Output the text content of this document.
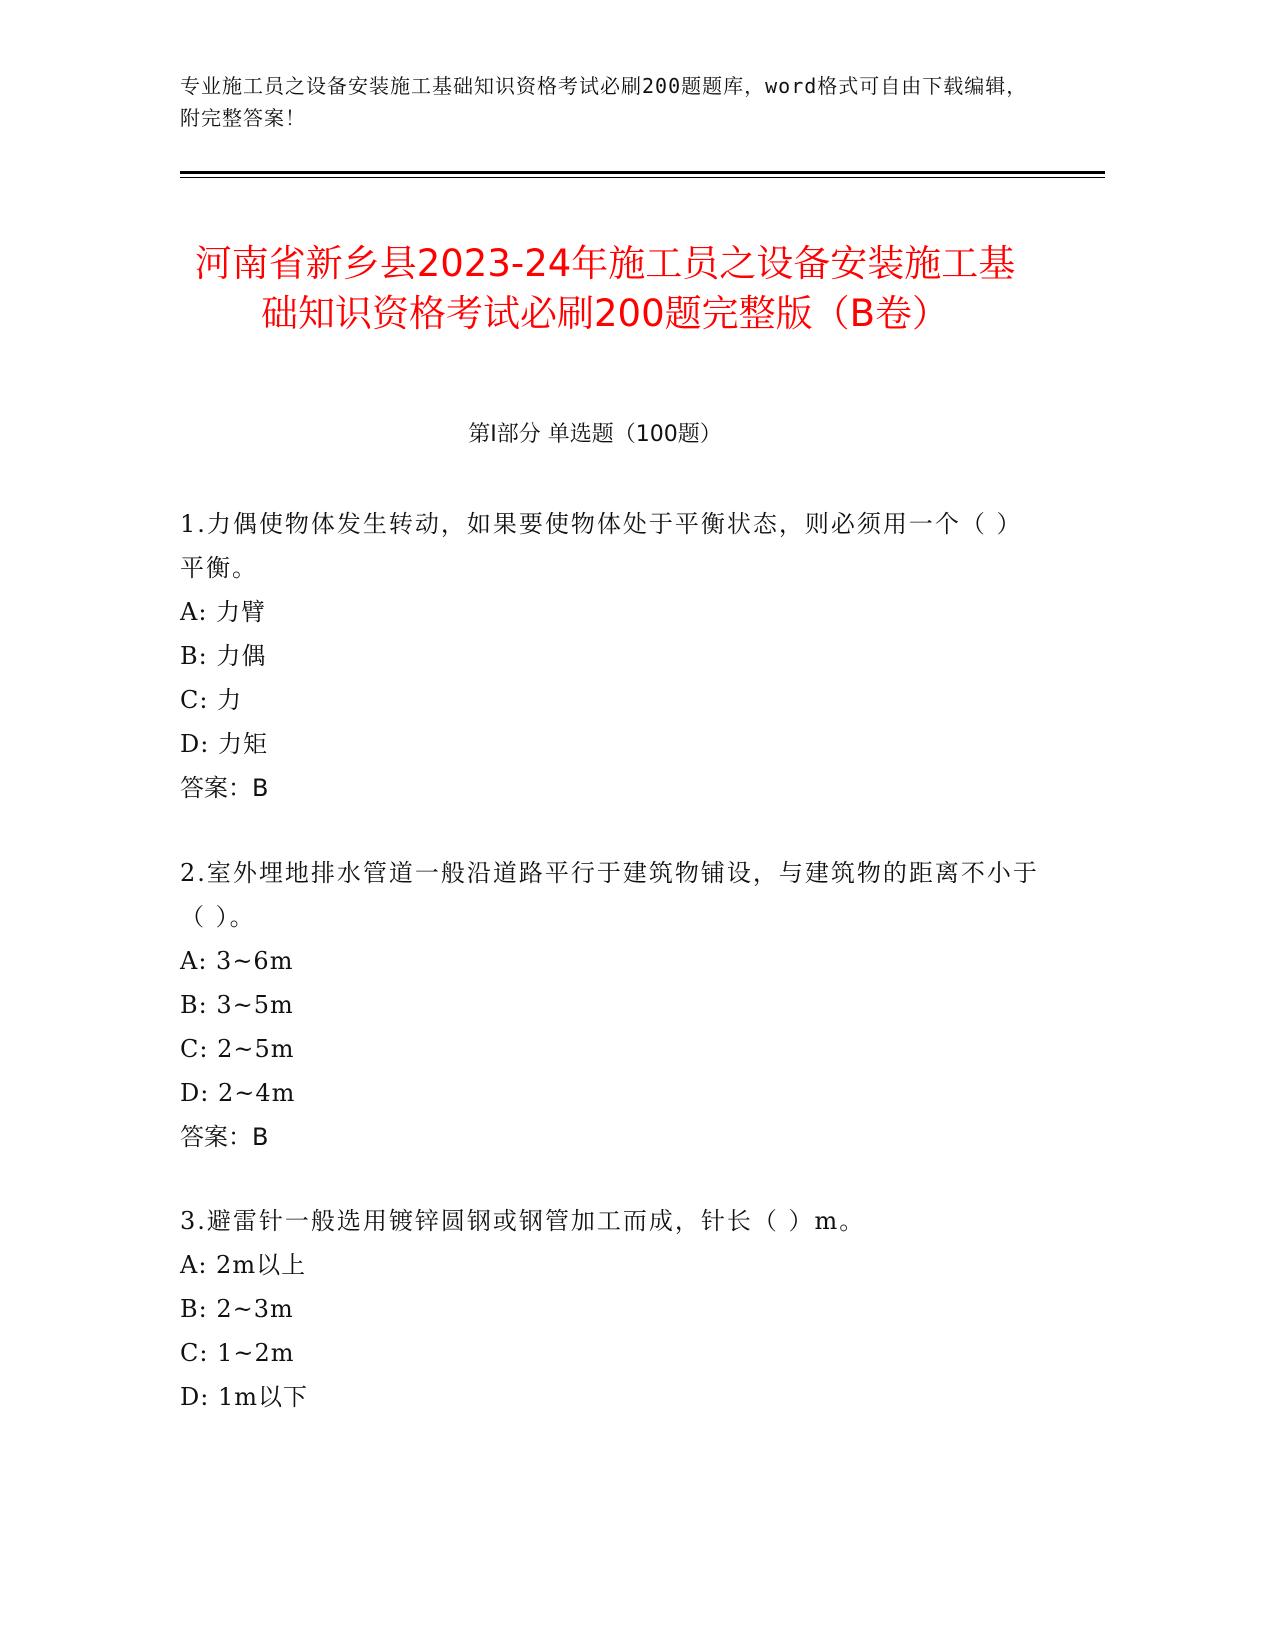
专业施工员之设备安装施工基础知识资格考试必刷200题题库，word格式可自由下载编辑，附完整答案！
河南省新乡县2023-24年施工员之设备安装施工基础知识资格考试必刷200题完整版（B卷）
第Ⅰ部分 单选题（100题）

1.力偶使物体发生转动，如果要使物体处于平衡状态，则必须用一个（ ）平衡。

A: 力臂

B: 力偶

C: 力

D: 力矩

答案：B

2.室外埋地排水管道一般沿道路平行于建筑物铺设，与建筑物的距离不小于（ ）。

A: 3~6m

B: 3~5m

C: 2~5m

D: 2~4m

答案：B

3.避雷针一般选用镀锌圆钢或钢管加工而成，针长（ ）m。

A: 2m以上

B: 2~3m

C: 1~2m

D: 1m以下
